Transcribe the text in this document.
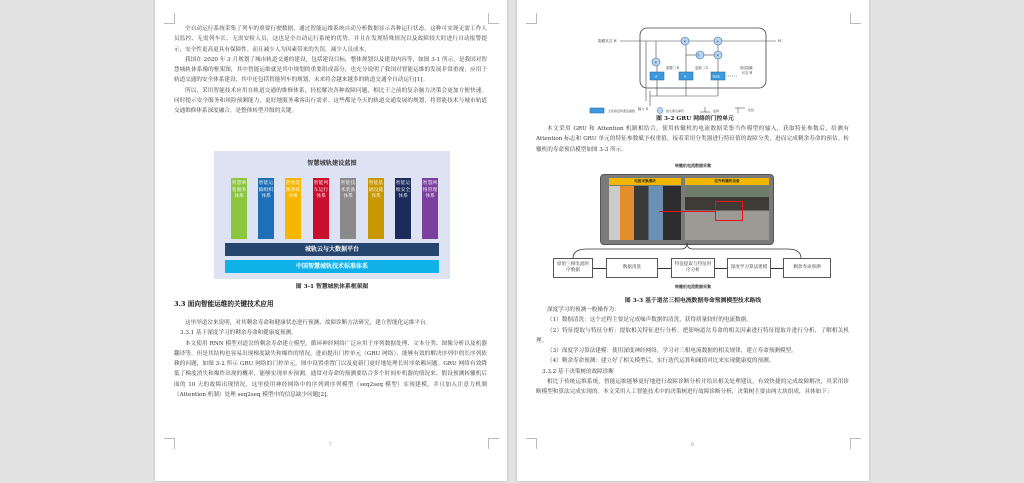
全自动运行系统采集了列车的重要行驶数据，通过智能运维系统自动分析数据显示各种运行状态。这种可实现无需工作人员监控、无需列车长、无需安检人员，这也是全自动运行系统的优势。并且在发现特殊情况以及故障较大时进行自动报警提示，安全性更高更具有保障性。而且减少人为因素带来的失误，减少人员成本。

我国在 2020 年 3 月规划了城市轨道交通的建设，包括建设目标，整体规划以及建设内容等，如图 3-1 所示，是我国对智慧城轨体系像的框架图，其中智能运维就是其中规划的重要组成部分，也充分说明了我国对智能运维的发展非常重视，应用于轨道交通的安全体系建设，其中还包括智能列车的规划，未来将会越来越多的轨道交通全自动运行[1]。

所以，采用智能技术应用在轨道交通的维修体系，轻松解决各种故障问题，相比于之前的复杂脑力决策会更加方便快速。同时提示安全服务和风险预测能力，更好地服务乘客出行需求。这些都是今天的轨道交通发展的规划，将智能技术与城市轨道交通维修体系深度融合，是整体转型升级的关键。

智慧城轨建设蓝图
智慧乘客服务体系
智能运输组织体系
智能能源系统体系
智能列车运行体系
智能技术装备体系
智能基础设施体系
智能运维安全体系
智慧网络管理体系
城轨云与大数据平台
中国智慧城轨技术标准体系
图 3-1 智慧城轨体系框架图
3.3 面向智能运维的关键技术应用

这里举道岔来说明，对其剩余寿命和健康状态进行预测、故障诊断方法研究，建立智能化运维平台。

3.3.1 基于深度学习的剩余寿命和健康度预测。

本文使用 RNN 模型对道岔的剩余寿命建立模型。循环神经网络广泛应用于序列数据处理、文本分类、图像分析以及机器翻译等。但是其结构也容易出现梯度缺失和爆炸的情况，进而提出门控单元（GRU 网络），能够有效的解决序列中的长序列依赖的问题，如图 3-2 所示 GRU 网络的门控单元。图中设置重置门以及更新门更好地处理长时序依赖问题。GRU 网络有效降低了梯度消失和爆炸出现的概率，能够实现单步预测，通常对寿命的预测要结合多个时间步机器的情况来。假设预测转辙机后面的 10 天的故障出现情况，这里使用神经网络中的序列到序列模型（seq2seq 模型）实现建模，并且加入注意力机制（Attention 机制）处理 seq2seq 模型中的信息缺少问题[2]。

7
隐藏状态 H	H
×	+
1-	×
×
σ	σ	tanh
重置门 R	更新门 Z	候选隐藏
状态 H̃
输入 X
全连接层和激活函数	按元素运算符	复制	连结
图 3-2 GRU 网络的门控单元

本文采用 GRU 和 Attention 机制相结合，使用转辙机的电流数据采集当作模型的输入，获取特征参数后，给测有 Attention 标志和 GRU 单元的特征参数赋予权重值，接着采用分类器进行特征值的故障分类，进而完成剩余寿命的预估。转辙机的寿命预估模型如图 3-3 所示。

转辙机电流数据采集
电流采集模块	室外转辙机设备
原始三相电流时序数据
数据清洗
特征提取与特征时序分析
深度学习算法建模	剩余寿命预测
转辙机电流数据采集
图 3-3 基于道岔三相电流数据寿命预测模型技术路线

深度学习的预测一般操作为：

（1）数据清洗：这个过程主要是完成噪声数据的清洗，获得质量较好的电流数据。

（2）特征提取与特征分析：提取相关特征进行分析，把影响道岔寿命的相关因素进行特征提取并进行分析，了解相关机理。

（3）深度学习算法建模：使用深度神经网络，学习对三相电流数据的相关规律，建立寿命预测模型。

（4）剩余寿命预测：建立好了相关模型后，实行迭代运算和阈值对比来实现健康度的预测。

3.3.2 基于决策树的故障诊断

相比于传统运维系统，智能运维能够更好地进行故障诊断分析并给出相关处理建议，有效快捷的完成故障解决，其采用诊断模型和算法完成实现的。本文采用人工智能技术中的决策树进行故障诊断分析，决策树主要由两大块组成，具体如下：

8
